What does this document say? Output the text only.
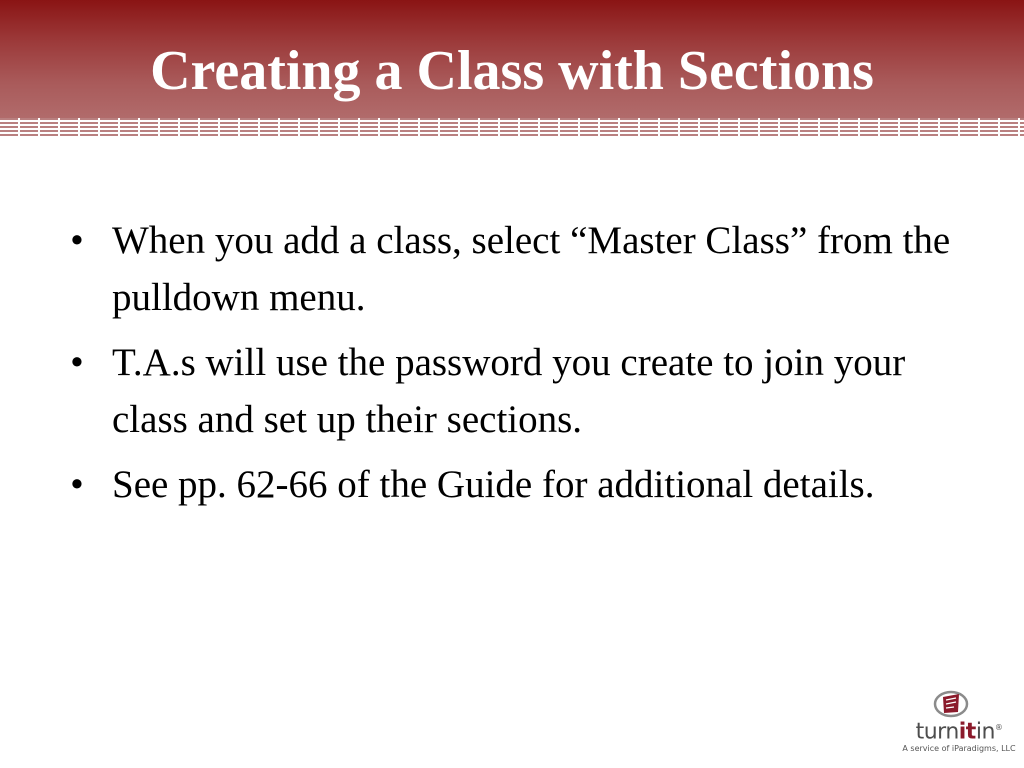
Creating a Class with Sections
• When you add a class, select “Master Class” from the pulldown menu.
• T.A.s will use the password you create to join your class and set up their sections.
• See pp. 62-66 of the Guide for additional details.
turnitin®
A service of iParadigms, LLC
